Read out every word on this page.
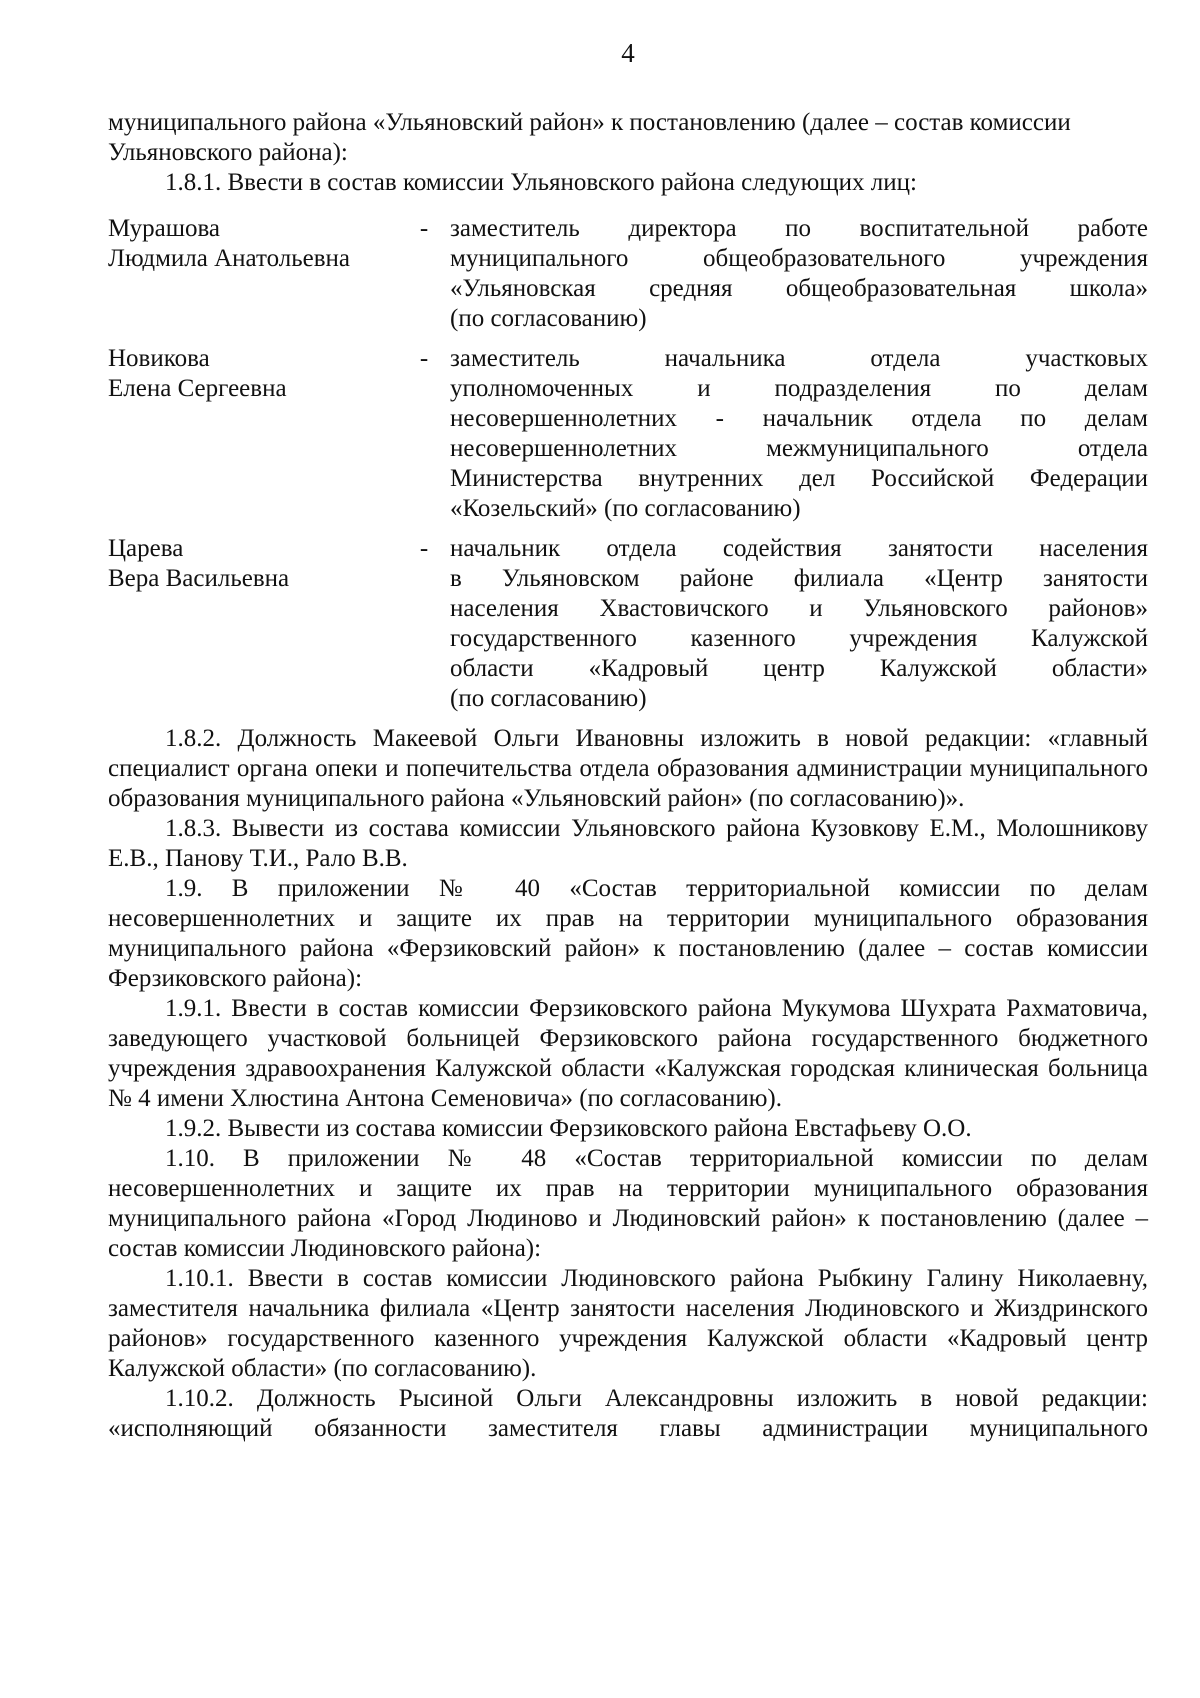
4
муниципального района «Ульяновский район» к постановлению (далее – состав комиссии
Ульяновского района):

1.8.1. Ввести в состав комиссии Ульяновского района следующих лиц:

Мурашова
Людмила Анатольевна
- заместитель директора по воспитательной работе
муниципального общеобразовательного учреждения
«Ульяновская средняя общеобразовательная школа»
(по согласованию)
Новикова
Елена Сергеевна
- заместитель начальника отдела участковых
уполномоченных и подразделения по делам
несовершеннолетних - начальник отдела по делам
несовершеннолетних межмуниципального отдела
Министерства внутренних дел Российской Федерации
«Козельский» (по согласованию)
Царева
Вера Васильевна
- начальник отдела содействия занятости населения
в Ульяновском районе филиала «Центр занятости
населения Хвастовичского и Ульяновского районов»
государственного казенного учреждения Калужской
области «Кадровый центр Калужской области»
(по согласованию)

1.8.2. Должность Макеевой Ольги Ивановны изложить в новой редакции: «главный специалист органа опеки и попечительства отдела образования администрации муниципального образования муниципального района «Ульяновский район» (по согласованию)».

1.8.3. Вывести из состава комиссии Ульяновского района Кузовкову Е.М., Молошникову Е.В., Панову Т.И., Рало В.В.

1.9. В приложении № 40 «Состав территориальной комиссии по делам несовершеннолетних и защите их прав на территории муниципального образования муниципального района «Ферзиковский район» к постановлению (далее – состав комиссии Ферзиковского района):

1.9.1. Ввести в состав комиссии Ферзиковского района Мукумова Шухрата Рахматовича, заведующего участковой больницей Ферзиковского района государственного бюджетного учреждения здравоохранения Калужской области «Калужская городская клиническая больница № 4 имени Хлюстина Антона Семеновича» (по согласованию).

1.9.2. Вывести из состава комиссии Ферзиковского района Евстафьеву О.О.

1.10. В приложении № 48 «Состав территориальной комиссии по делам несовершеннолетних и защите их прав на территории муниципального образования муниципального района «Город Людиново и Людиновский район» к постановлению (далее – состав комиссии Людиновского района):

1.10.1. Ввести в состав комиссии Людиновского района Рыбкину Галину Николаевну, заместителя начальника филиала «Центр занятости населения Людиновского и Жиздринского районов» государственного казенного учреждения Калужской области «Кадровый центр Калужской области» (по согласованию).

1.10.2. Должность Рысиной Ольги Александровны изложить в новой редакции: «исполняющий обязанности заместителя главы администрации муниципального
